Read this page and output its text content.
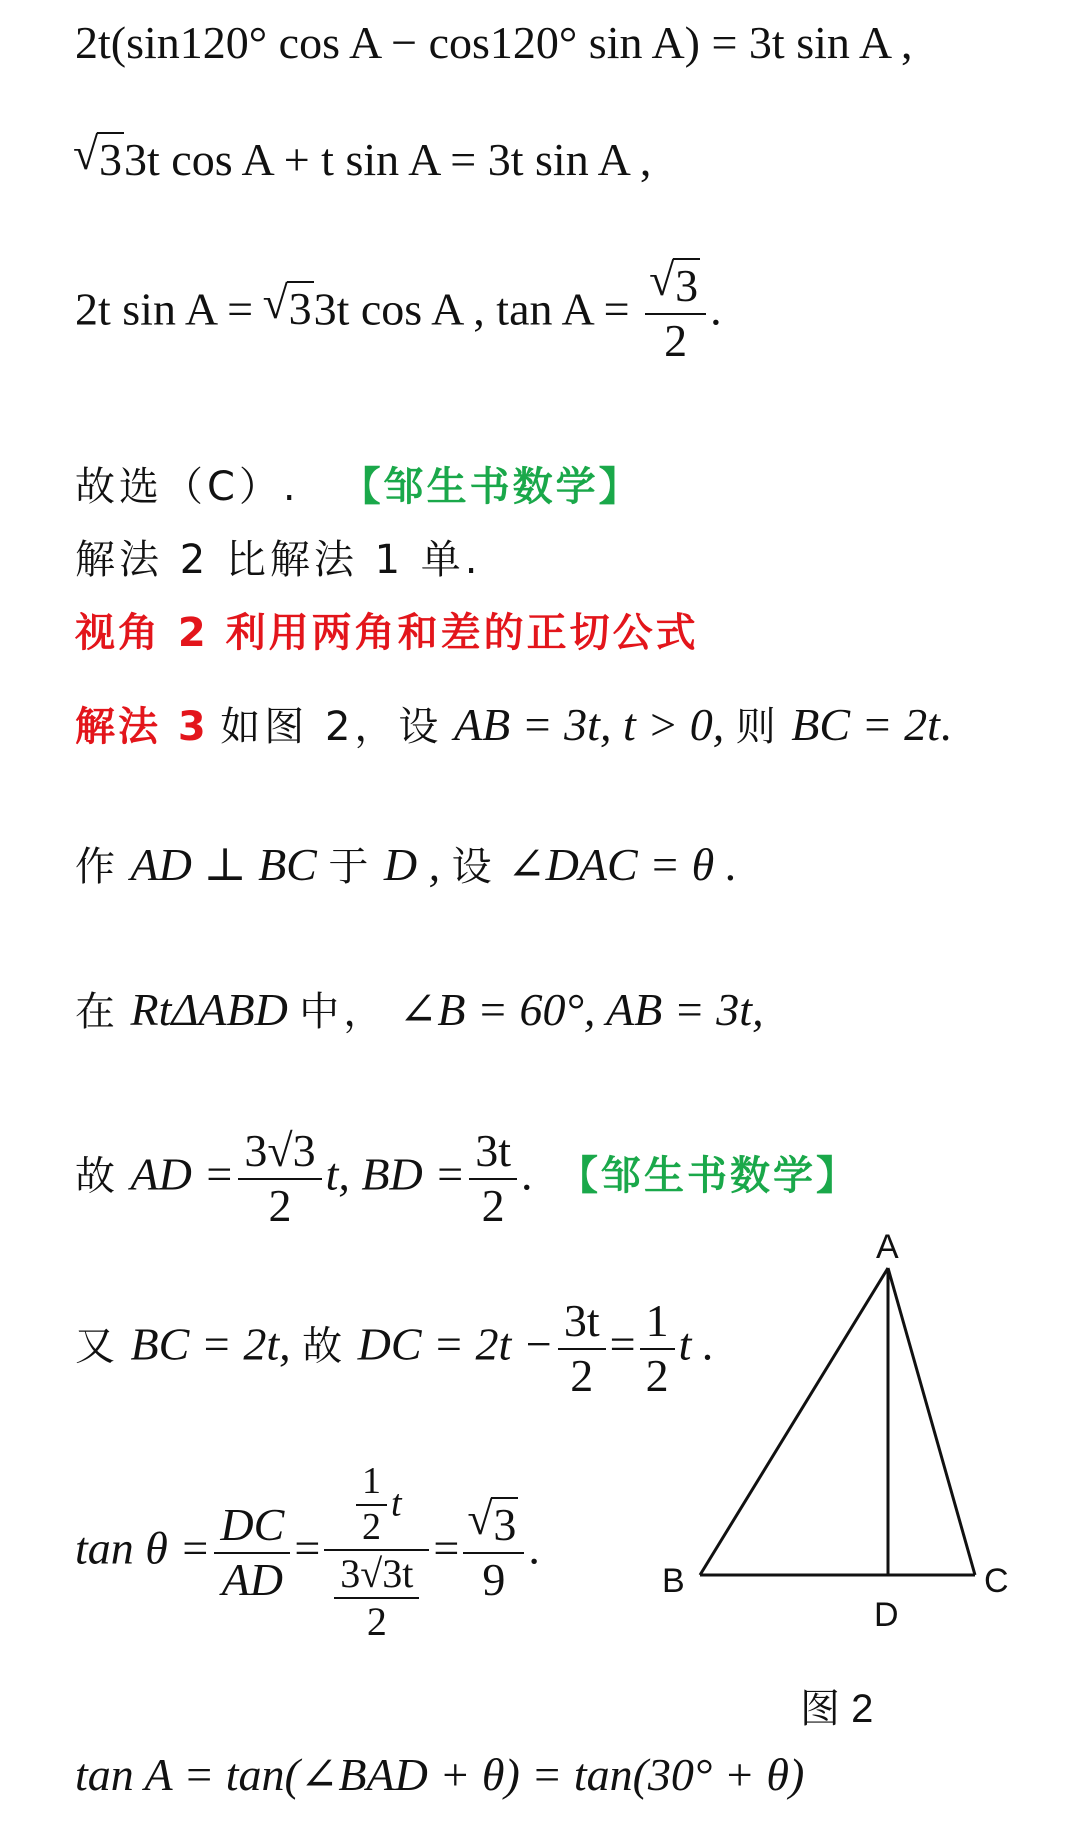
2t(sin120° cos A − cos120° sin A) = 3t sin A ,
√ 33t cos A + t sin A = 3t sin A ,
2t sin A = √ 33t cos A , tan A = √ $\frac{3}{2}$ .
故选（C）. 【邹生书数学】
解法 2 比解法 1 单.
视角 2 利用两角和差的正切公式
解法 3 如图 2，设 AB = 3t, t > 0, 则 BC = 2t.
作 AD ⊥ BC 于 D , 设 ∠DAC = θ .
在 RtΔABD 中， ∠B = 60°, AB = 3t,
故 AD = $\frac{3√3}{2} t$, BD = $\frac{3t}{2}$ . 【邹生书数学】
又 BC = 2t, 故 DC = $2t - \frac{3t}{2} = \frac{1}{2}$ t .
$\tan \theta = \frac{DC}{AD} = \frac{1}{2}$ t
3√3t
2 = √ $\frac{3}{9}$ .
tan A = tan(∠BAD + θ) = tan(30° + θ)
A
B	C
D
图 2
